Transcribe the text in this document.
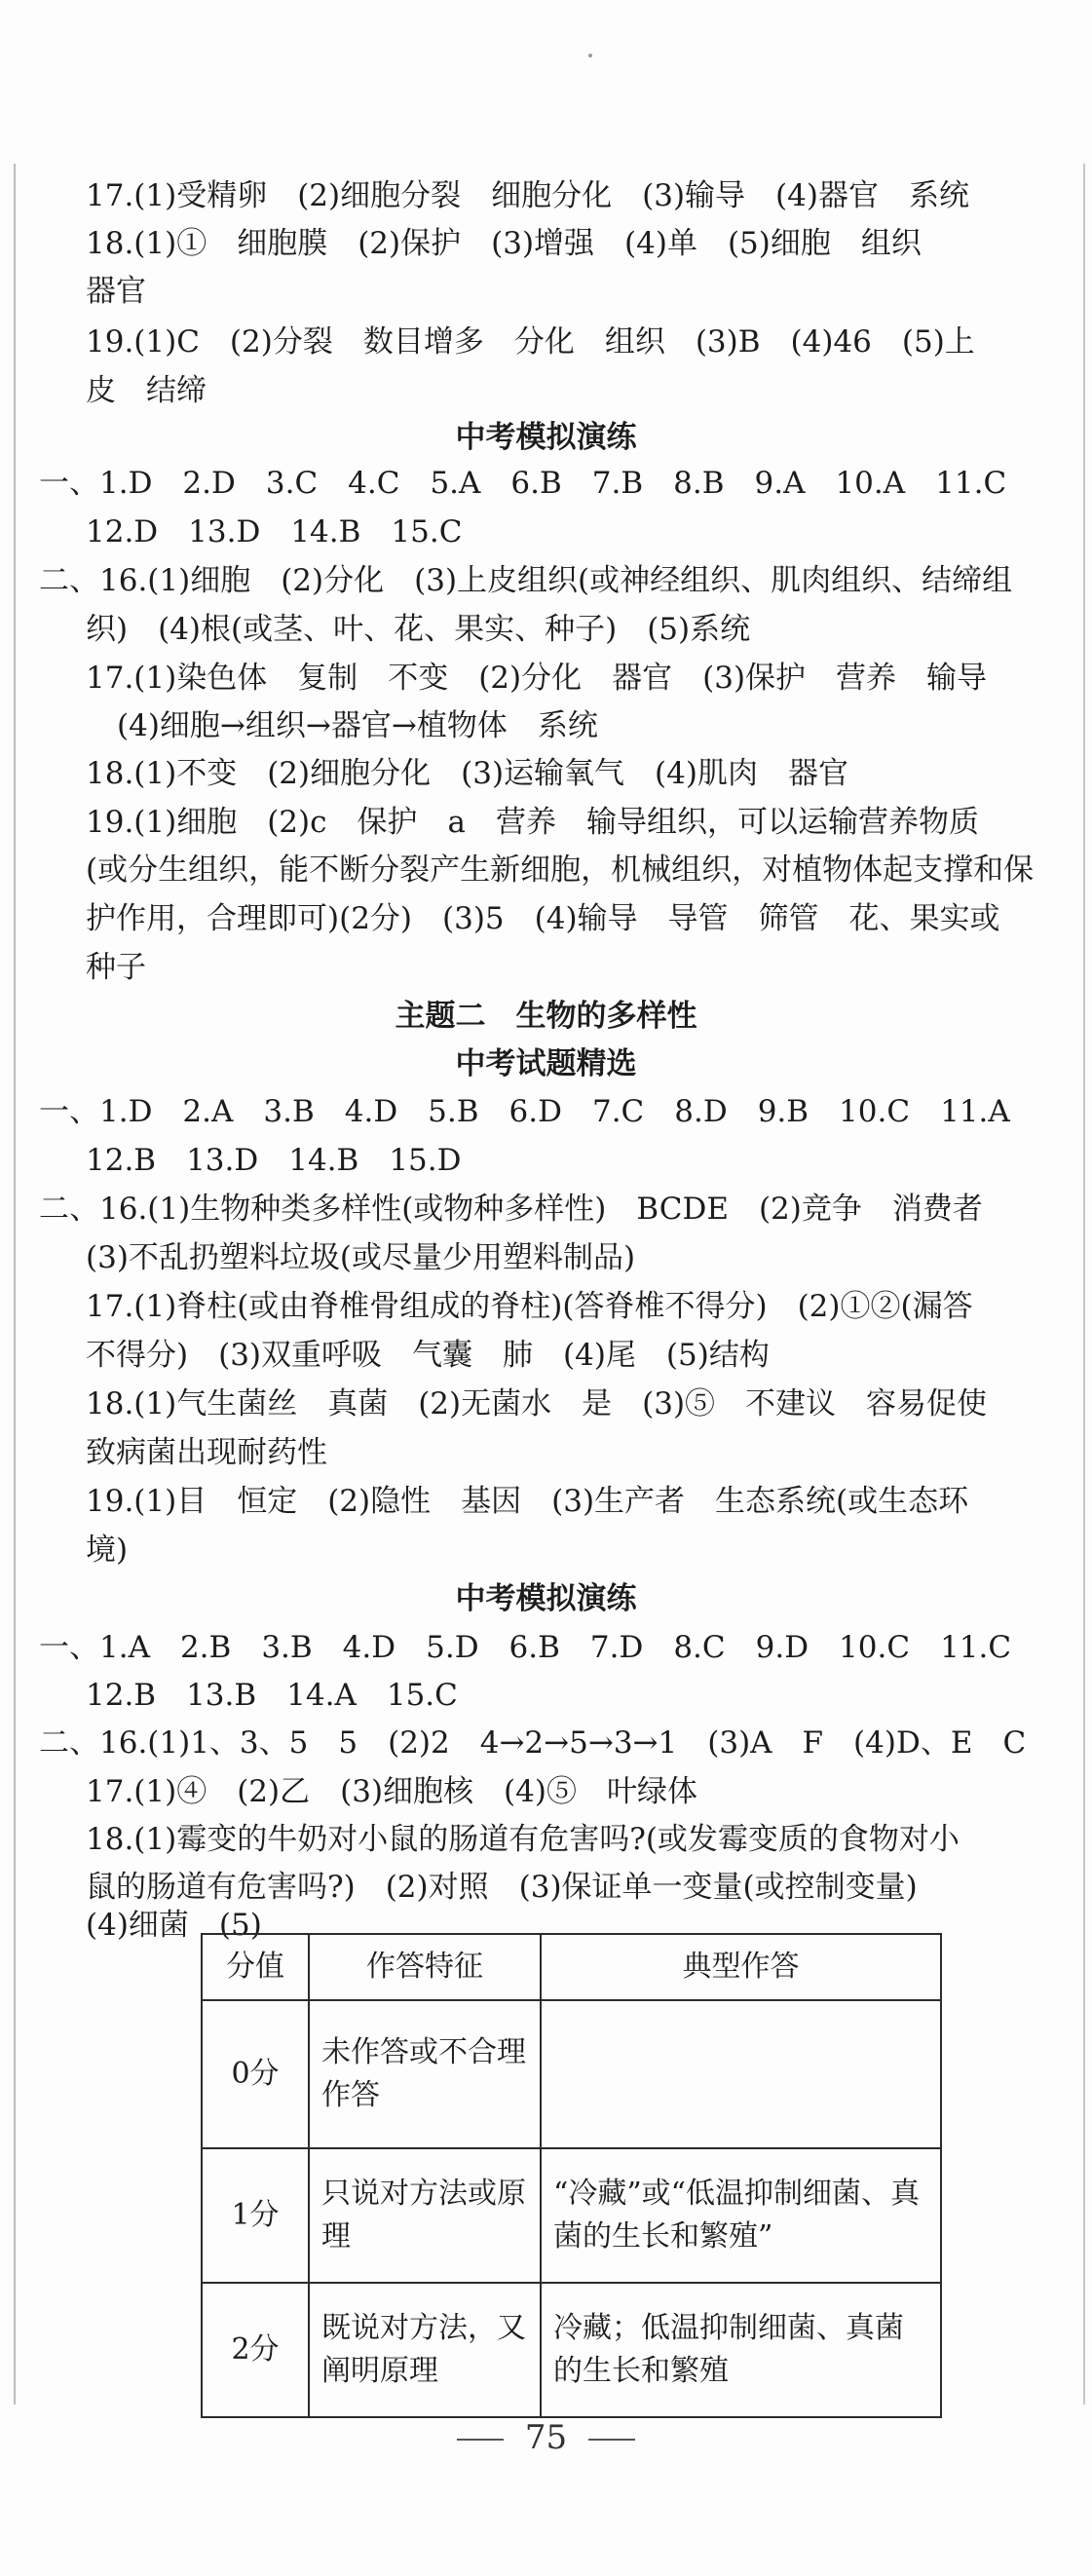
17.(1)受精卵　(2)细胞分裂　细胞分化　(3)输导　(4)器官　系统
18.(1)①　细胞膜　(2)保护　(3)增强　(4)单　(5)细胞　组织
器官
19.(1)C　(2)分裂　数目增多　分化　组织　(3)B　(4)46　(5)上
皮　结缔
中考模拟演练
一、1.D　2.D　3.C　4.C　5.A　6.B　7.B　8.B　9.A　10.A　11.C
12.D　13.D　14.B　15.C
二、16.(1)细胞　(2)分化　(3)上皮组织(或神经组织、肌肉组织、结缔组
织)　(4)根(或茎、叶、花、果实、种子)　(5)系统
17.(1)染色体　复制　不变　(2)分化　器官　(3)保护　营养　输导
(4)细胞→组织→器官→植物体　系统
18.(1)不变　(2)细胞分化　(3)运输氧气　(4)肌肉　器官
19.(1)细胞　(2)c　保护　a　营养　输导组织，可以运输营养物质
(或分生组织，能不断分裂产生新细胞，机械组织，对植物体起支撑和保
护作用，合理即可)(2分)　(3)5　(4)输导　导管　筛管　花、果实或
种子
主题二　生物的多样性
中考试题精选
一、1.D　2.A　3.B　4.D　5.B　6.D　7.C　8.D　9.B　10.C　11.A
12.B　13.D　14.B　15.D
二、16.(1)生物种类多样性(或物种多样性)　BCDE　(2)竞争　消费者
(3)不乱扔塑料垃圾(或尽量少用塑料制品)
17.(1)脊柱(或由脊椎骨组成的脊柱)(答脊椎不得分)　(2)①②(漏答
不得分)　(3)双重呼吸　气囊　肺　(4)尾　(5)结构
18.(1)气生菌丝　真菌　(2)无菌水　是　(3)⑤　不建议　容易促使
致病菌出现耐药性
19.(1)目　恒定　(2)隐性　基因　(3)生产者　生态系统(或生态环
境)
中考模拟演练
一、1.A　2.B　3.B　4.D　5.D　6.B　7.D　8.C　9.D　10.C　11.C
12.B　13.B　14.A　15.C
二、16.(1)1、3、5　5　(2)2　4→2→5→3→1　(3)A　F　(4)D、E　C
17.(1)④　(2)乙　(3)细胞核　(4)⑤　叶绿体
18.(1)霉变的牛奶对小鼠的肠道有危害吗?(或发霉变质的食物对小
鼠的肠道有危害吗?)　(2)对照　(3)保证单一变量(或控制变量)
(4)细菌　(5)
分值	作答特征	典型作答
0分	未作答或不合理作答	
1分	只说对方法或原理	“冷藏”或“低温抑制细菌、真菌的生长和繁殖”
2分	既说对方法，又阐明原理	冷藏；低温抑制细菌、真菌的生长和繁殖
75
